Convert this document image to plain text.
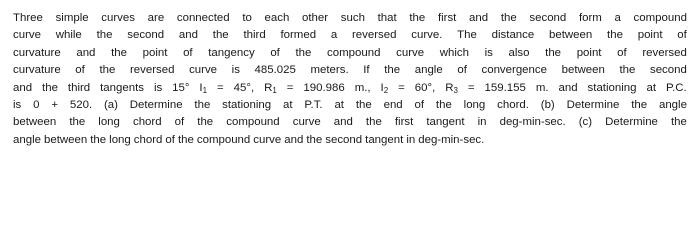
Three simple curves are connected to each other such that the first and the second form a compound
curve while the second and the third formed a reversed curve. The distance between the point of
curvature and the point of tangency of the compound curve which is also the point of reversed
curvature of the reversed curve is 485.025 meters. If the angle of convergence between the second
and the third tangents is 15° $I_1 = 45^\circ$, $R_1 = 190.986$ m., $I_2 = 60^\circ$, $R_3 = 159.155$ m. and stationing at P.C.
is 0 + 520. (a) Determine the stationing at P.T. at the end of the long chord. (b) Determine the angle
between the long chord of the compound curve and the first tangent in deg-min-sec. (c) Determine the
angle between the long chord of the compound curve and the second tangent in deg-min-sec.
